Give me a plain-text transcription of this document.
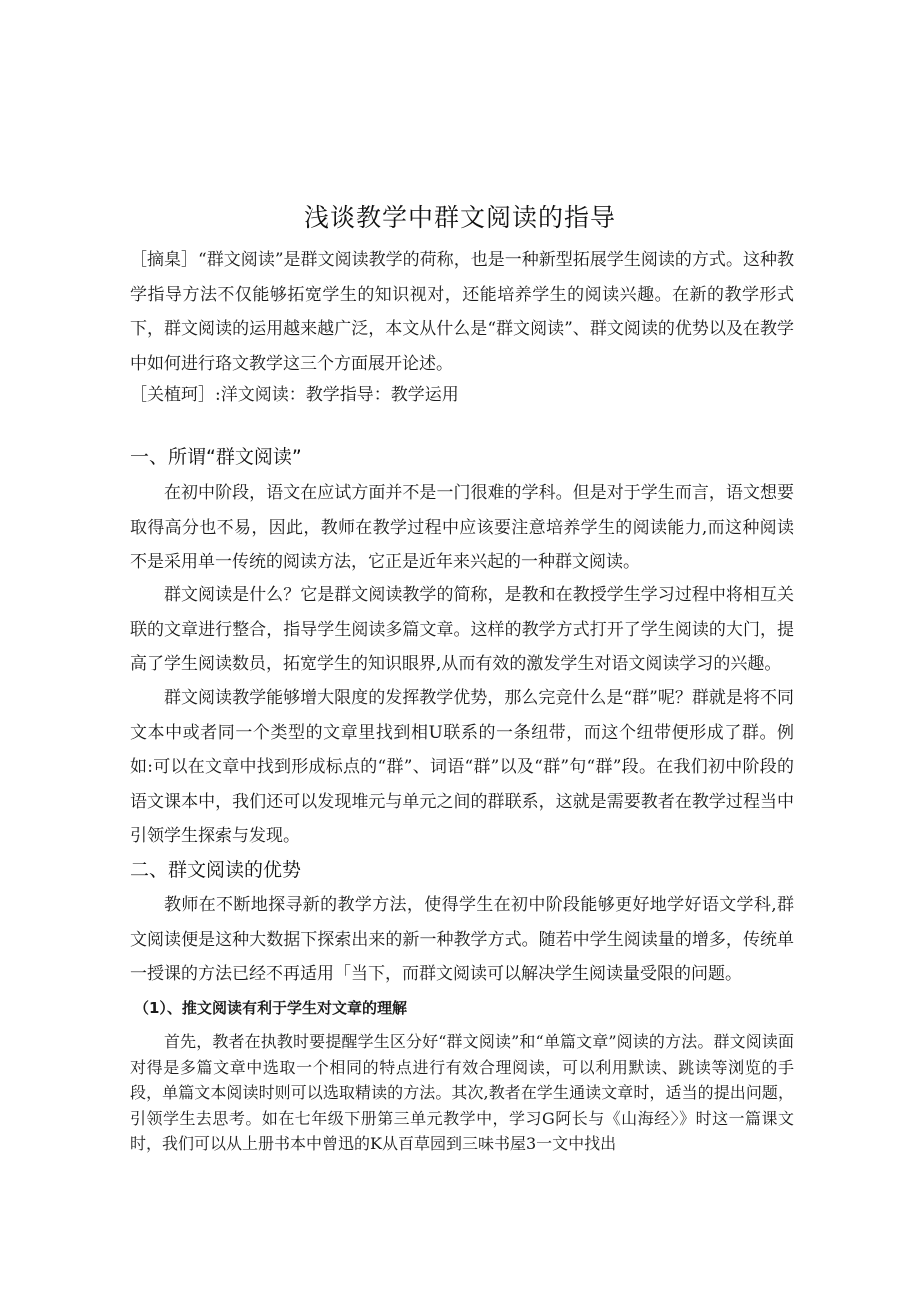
浅谈教学中群文阅读的指导

［摘臬］“群文阅读”是群文阅读教学的荷称，也是一种新型拓展学生阅读的方式。这种教学指导方法不仅能够拓宽学生的知识视对，还能培养学生的阅读兴趣。在新的教学形式下，群文阅读的运用越来越广泛，本文从什么是“群文阅读”、群文阅读的优势以及在教学中如何进行珞文教学这三个方面展开论述。

［关植珂］:洋文阅读：教学指导：教学运用

一、所谓“群文阅读”

在初中阶段，语文在应试方面并不是一门很难的学科。但是对于学生而言，语文想要取得高分也不易，因此，教师在教学过程中应该要注意培养学生的阅读能力,而这种阅读不是采用单一传统的阅读方法，它正是近年来兴起的一种群文阅读。

群文阅读是什么？它是群文阅读教学的简称，是教和在教授学生学习过程中将相互关联的文章进行整合，指导学生阅读多篇文章。这样的教学方式打开了学生阅读的大门，提高了学生阅读数员，拓宽学生的知识眼界,从而有效的激发学生对语文阅读学习的兴趣。

群文阅读教学能够增大限度的发挥教学优势，那么完竞什么是“群”呢？群就是将不同文本中或者同一个类型的文章里找到相U联系的一条纽带，而这个纽带便形成了群。例如:可以在文章中找到形成标点的“群”、词语“群”以及“群”句“群”段。在我们初中阶段的语文课本中，我们还可以发现堆元与单元之间的群联系，这就是需要教者在教学过程当中引领学生探索与发现。

二、群文阅读的优势

教师在不断地探寻新的教学方法，使得学生在初中阶段能够更好地学好语文学科,群文阅读便是这种大数据下探索出来的新一种教学方式。随若中学生阅读量的增多，传统单一授课的方法已经不再适用「当下，而群文阅读可以解决学生阅读量受限的问题。

（1）、推文阅读有利于学生对文章的理解

首先，教者在执教时要提醒学生区分好“群文阅读”和“单篇文章”阅读的方法。群文阅读面对得是多篇文章中选取一个相同的特点进行有效合理阅读，可以利用默读、跳读等浏览的手段，单篇文本阅读时则可以选取精读的方法。其次,教者在学生通读文章时，适当的提出问题，引领学生去思考。如在七年级下册第三单元教学中，学习G阿长与《山海经〉》时这一篇课文时，我们可以从上册书本中曾迅的K从百草园到三味书屋3一文中找出
